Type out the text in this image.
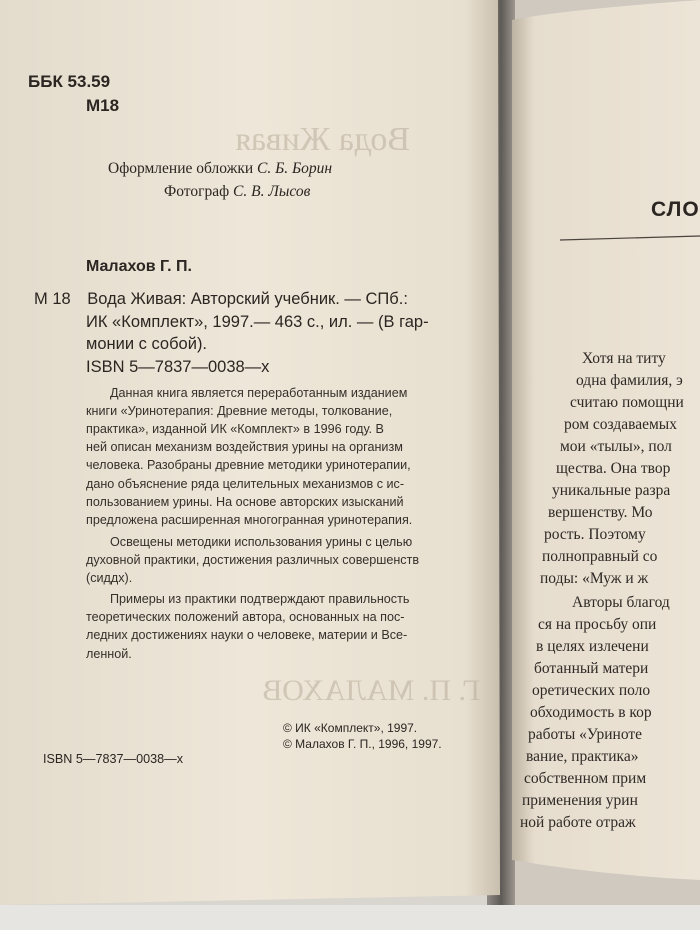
Вода Живая
Г. П. МАЛАХОВ
ББК 53.59
М18
Оформление обложки С. Б. Борин
Фотограф С. В. Лысов
Малахов Г. П.
М 18 Вода Живая: Авторский учебник. — СПб.:
ИК «Комплект», 1997.— 463 с., ил. — (В гар-
монии с собой).
ISBN 5—7837—0038—х
Данная книга является переработанным изданием
книги «Уринотерапия: Древние методы, толкование,
практика», изданной ИК «Комплект» в 1996 году. В
ней описан механизм воздействия урины на организм
человека. Разобраны древние методики уринотерапии,
дано объяснение ряда целительных механизмов с ис-
пользованием урины. На основе авторских изысканий
предложена расширенная многогранная уринотерапия.
Освещены методики использования урины с целью
духовной практики, достижения различных совершенств
(сиддх).
Примеры из практики подтверждают правильность
теоретических положений автора, основанных на пос-
ледних достижениях науки о человеке, материи и Все-
ленной.
© ИК «Комплект», 1997.
© Малахов Г. П., 1996, 1997.
ISBN 5—7837—0038—х
Хотя на титу
одна фамилия, э
считаю помощни
ром создаваемых
мои «тылы», пол
щества. Она твор
уникальные разра
вершенству. Мо
рость. Поэтому
полноправный со
поды: «Муж и ж
Авторы благод
ся на просьбу опи
в целях излечени
ботанный матери
оретических поло
обходимость в кор
работы «Уриноте
вание, практика»
собственном прим
применения урин
ной работе отраж
СЛО
